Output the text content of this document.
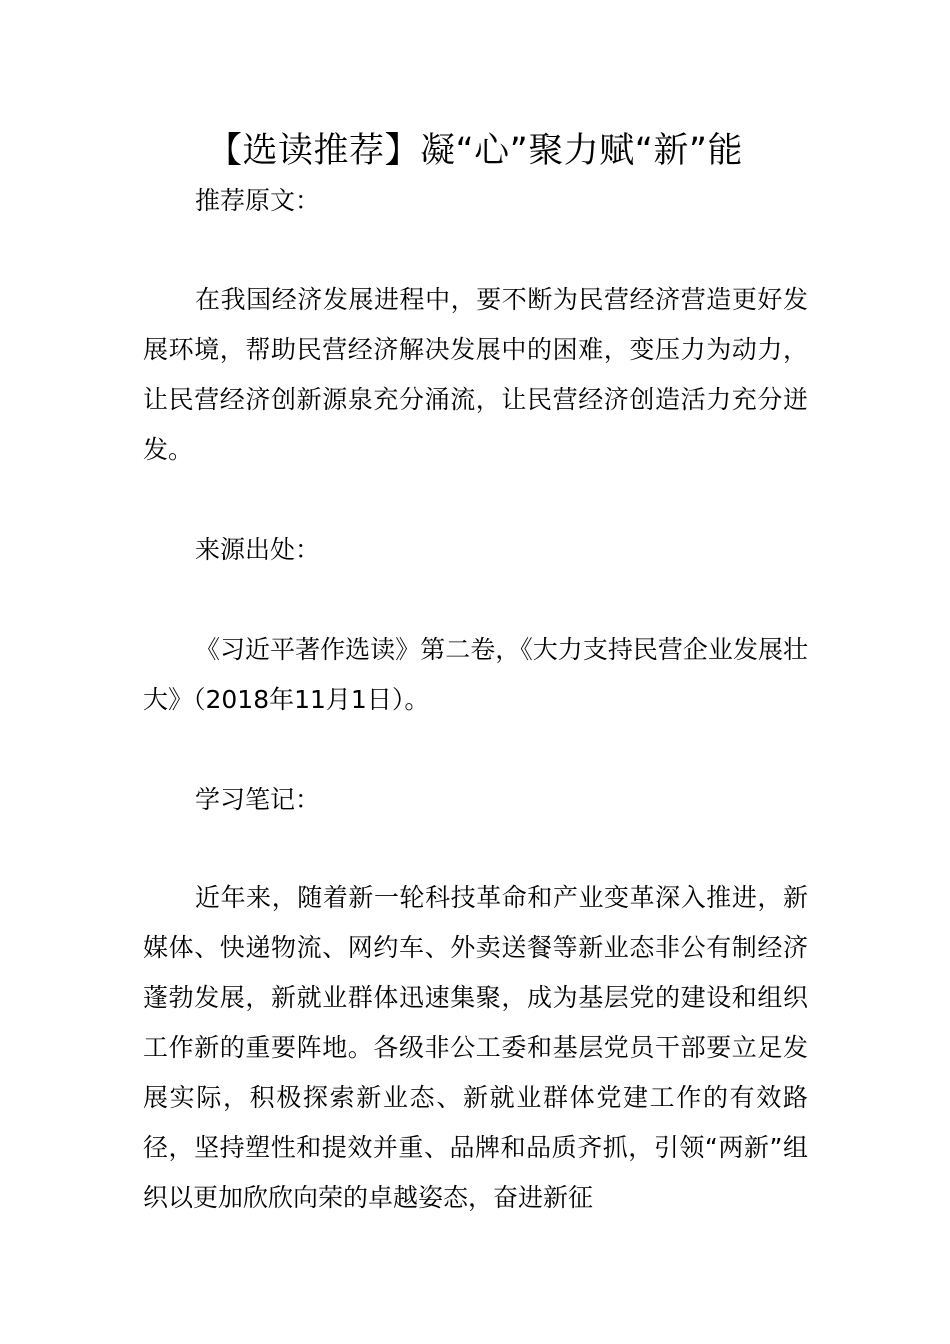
【选读推荐】凝“心”聚力赋“新”能

推荐原文：

在我国经济发展进程中，要不断为民营经济营造更好发展环境，帮助民营经济解决发展中的困难，变压力为动力，让民营经济创新源泉充分涌流，让民营经济创造活力充分迸发。

来源出处：

《习近平著作选读》第二卷，《大力支持民营企业发展壮大》（2018年11月1日）。

学习笔记：

近年来，随着新一轮科技革命和产业变革深入推进，新媒体、快递物流、网约车、外卖送餐等新业态非公有制经济蓬勃发展，新就业群体迅速集聚，成为基层党的建设和组织工作新的重要阵地。各级非公工委和基层党员干部要立足发展实际，积极探索新业态、新就业群体党建工作的有效路径，坚持塑性和提效并重、品牌和品质齐抓，引领“两新”组织以更加欣欣向荣的卓越姿态，奋进新征
